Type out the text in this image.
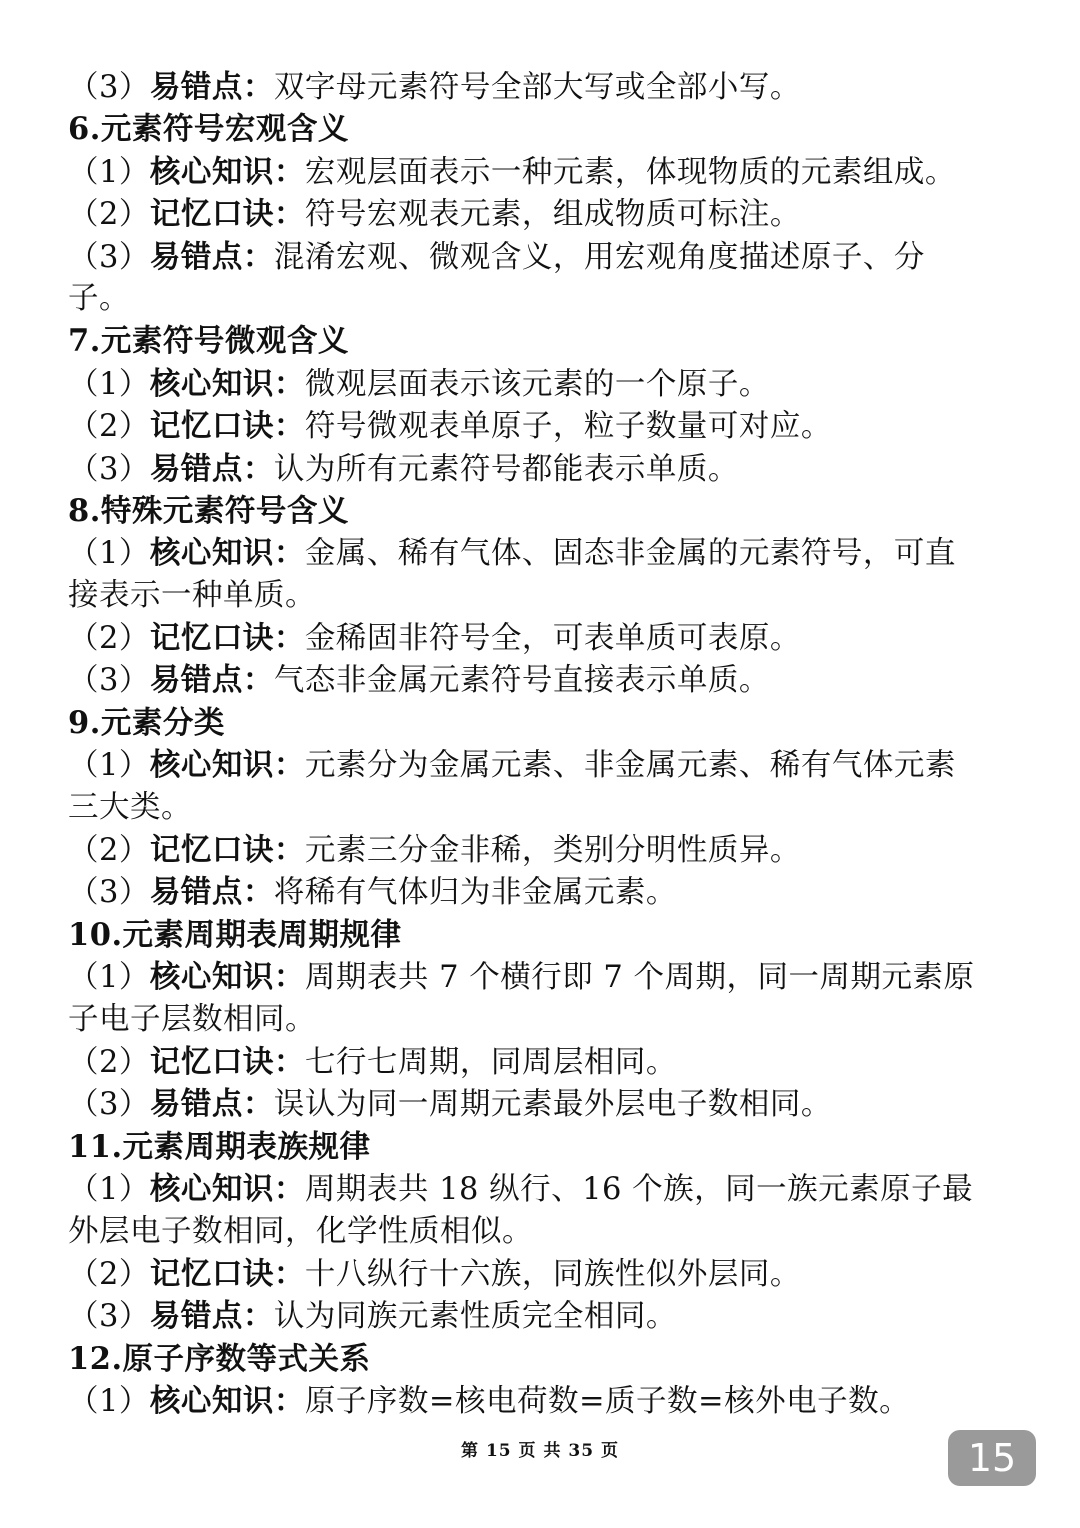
（3）易错点：双字母元素符号全部大写或全部小写。
6.元素符号宏观含义
（1）核心知识：宏观层面表示一种元素，体现物质的元素组成。
（2）记忆口诀：符号宏观表元素，组成物质可标注。
（3）易错点：混淆宏观、微观含义，用宏观角度描述原子、分
子。
7.元素符号微观含义
（1）核心知识：微观层面表示该元素的一个原子。
（2）记忆口诀：符号微观表单原子，粒子数量可对应。
（3）易错点：认为所有元素符号都能表示单质。
8.特殊元素符号含义
（1）核心知识：金属、稀有气体、固态非金属的元素符号，可直
接表示一种单质。
（2）记忆口诀：金稀固非符号全，可表单质可表原。
（3）易错点：气态非金属元素符号直接表示单质。
9.元素分类
（1）核心知识：元素分为金属元素、非金属元素、稀有气体元素
三大类。
（2）记忆口诀：元素三分金非稀，类别分明性质异。
（3）易错点：将稀有气体归为非金属元素。
10.元素周期表周期规律
（1）核心知识：周期表共 7 个横行即 7 个周期，同一周期元素原
子电子层数相同。
（2）记忆口诀：七行七周期，同周层相同。
（3）易错点：误认为同一周期元素最外层电子数相同。
11.元素周期表族规律
（1）核心知识：周期表共 18 纵行、16 个族，同一族元素原子最
外层电子数相同，化学性质相似。
（2）记忆口诀：十八纵行十六族，同族性似外层同。
（3）易错点：认为同族元素性质完全相同。
12.原子序数等式关系
（1）核心知识：原子序数=核电荷数=质子数=核外电子数。
第 15 页 共 35 页	15
